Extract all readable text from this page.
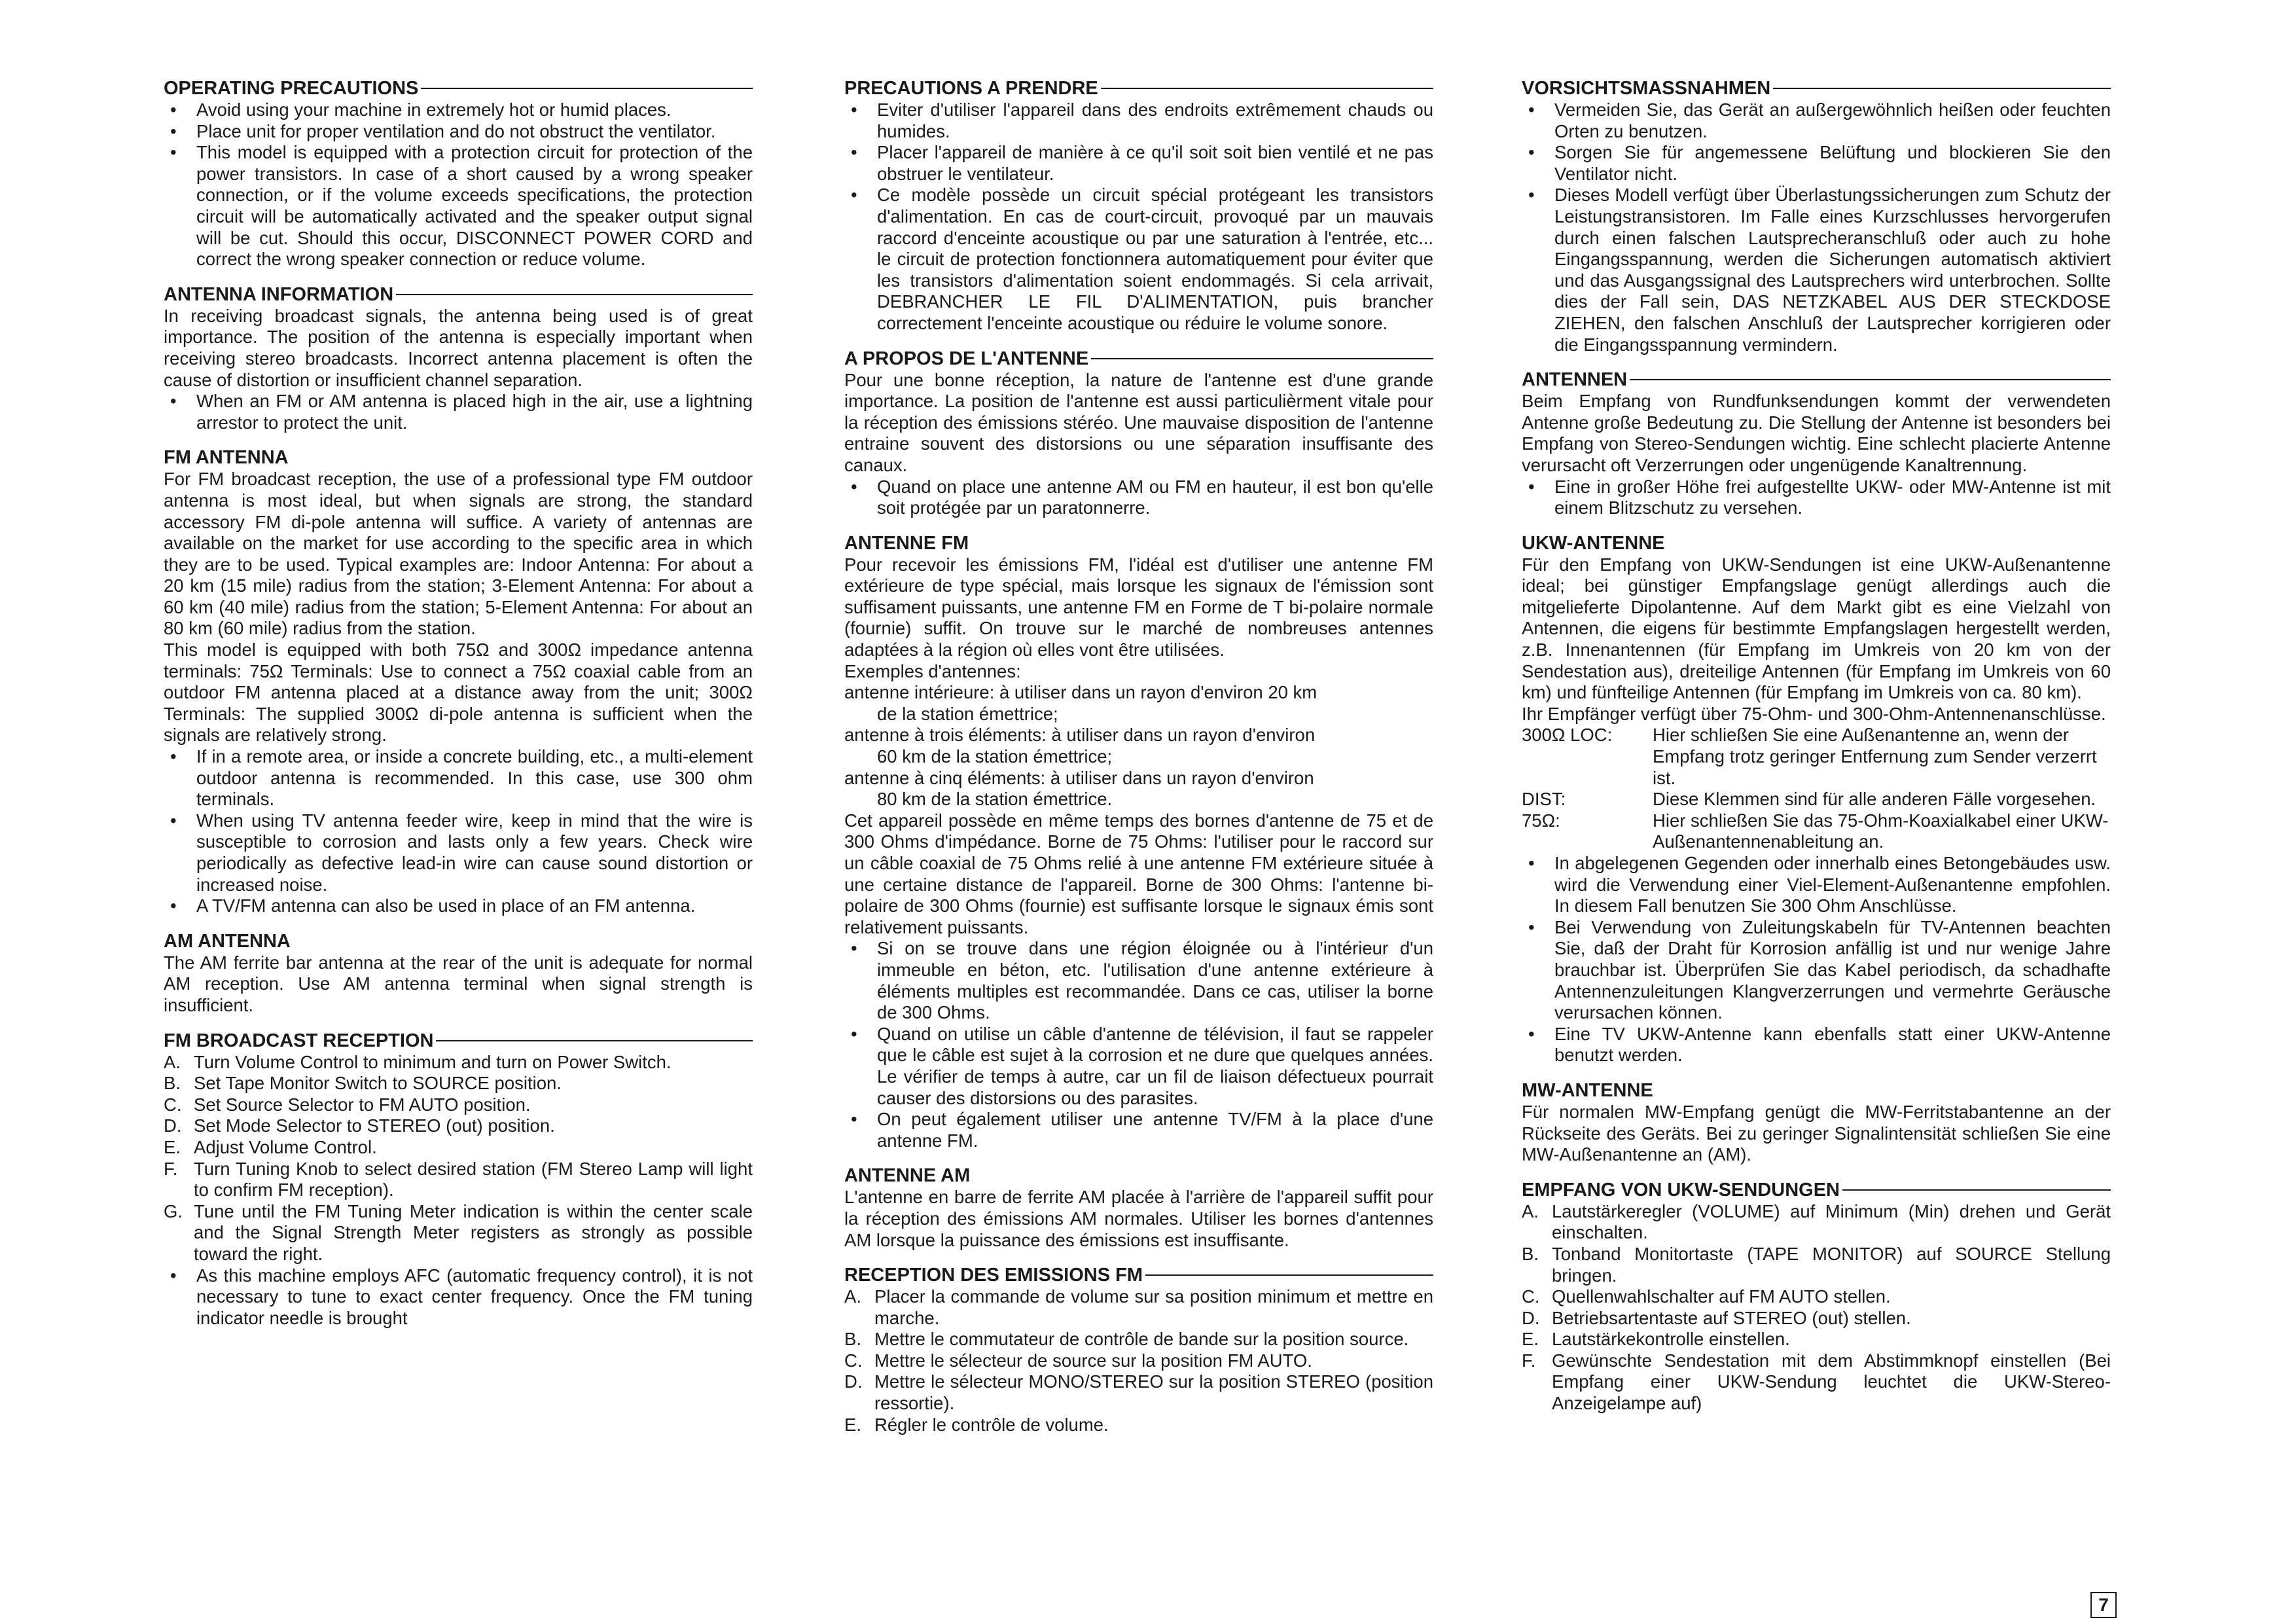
OPERATING PRECAUTIONS
• Avoid using your machine in extremely hot or humid places.
• Place unit for proper ventilation and do not obstruct the ventilator.
• This model is equipped with a protection circuit for protection of the power transistors. In case of a short caused by a wrong speaker connection, or if the volume exceeds specifications, the protection circuit will be automatically activated and the speaker output signal will be cut. Should this occur, DISCONNECT POWER CORD and correct the wrong speaker connection or reduce volume.
ANTENNA INFORMATION

In receiving broadcast signals, the antenna being used is of great importance. The position of the antenna is especially important when receiving stereo broadcasts. Incorrect antenna placement is often the cause of distortion or insufficient channel separation.

• When an FM or AM antenna is placed high in the air, use a lightning arrestor to protect the unit.
FM ANTENNA

For FM broadcast reception, the use of a professional type FM outdoor antenna is most ideal, but when signals are strong, the standard accessory FM di-pole antenna will suffice. A variety of antennas are available on the market for use according to the specific area in which they are to be used. Typical examples are: Indoor Antenna: For about a 20 km (15 mile) radius from the station; 3-Element Antenna: For about a 60 km (40 mile) radius from the station; 5-Element Antenna: For about an 80 km (60 mile) radius from the station.

This model is equipped with both 75Ω and 300Ω impedance antenna terminals: 75Ω Terminals: Use to connect a 75Ω coaxial cable from an outdoor FM antenna placed at a distance away from the unit; 300Ω Terminals: The supplied 300Ω di-pole antenna is sufficient when the signals are relatively strong.

• If in a remote area, or inside a concrete building, etc., a multi-element outdoor antenna is recommended. In this case, use 300 ohm terminals.
• When using TV antenna feeder wire, keep in mind that the wire is susceptible to corrosion and lasts only a few years. Check wire periodically as defective lead-in wire can cause sound distortion or increased noise.
• A TV/FM antenna can also be used in place of an FM antenna.
AM ANTENNA

The AM ferrite bar antenna at the rear of the unit is adequate for normal AM reception. Use AM antenna terminal when signal strength is insufficient.

FM BROADCAST RECEPTION
A. Turn Volume Control to minimum and turn on Power Switch.
B. Set Tape Monitor Switch to SOURCE position.
C. Set Source Selector to FM AUTO position.
D. Set Mode Selector to STEREO (out) position.
E. Adjust Volume Control.
F. Turn Tuning Knob to select desired station (FM Stereo Lamp will light to confirm FM reception).
G. Tune until the FM Tuning Meter indication is within the center scale and the Signal Strength Meter registers as strongly as possible toward the right.
• As this machine employs AFC (automatic frequency control), it is not necessary to tune to exact center frequency. Once the FM tuning indicator needle is brought
PRECAUTIONS A PRENDRE
• Eviter d'utiliser l'appareil dans des endroits extrêmement chauds ou humides.
• Placer l'appareil de manière à ce qu'il soit soit bien ventilé et ne pas obstruer le ventilateur.
• Ce modèle possède un circuit spécial protégeant les transistors d'alimentation. En cas de court-circuit, provoqué par un mauvais raccord d'enceinte acoustique ou par une saturation à l'entrée, etc... le circuit de protection fonctionnera automatiquement pour éviter que les transistors d'alimentation soient endommagés. Si cela arrivait, DEBRANCHER LE FIL D'ALIMENTATION, puis brancher correctement l'enceinte acoustique ou réduire le volume sonore.
A PROPOS DE L'ANTENNE

Pour une bonne réception, la nature de l'antenne est d'une grande importance. La position de l'antenne est aussi particulièrment vitale pour la réception des émissions stéréo. Une mauvaise disposition de l'antenne entraine souvent des distorsions ou une séparation insuffisante des canaux.

• Quand on place une antenne AM ou FM en hauteur, il est bon qu'elle soit protégée par un paratonnerre.
ANTENNE FM

Pour recevoir les émissions FM, l'idéal est d'utiliser une antenne FM extérieure de type spécial, mais lorsque les signaux de l'émission sont suffisament puissants, une antenne FM en Forme de T bi-polaire normale (fournie) suffit. On trouve sur le marché de nombreuses antennes adaptées à la région où elles vont être utilisées.

Exemples d'antennes:

antenne intérieure: à utiliser dans un rayon d'environ 20 km

de la station émettrice;

antenne à trois éléments: à utiliser dans un rayon d'environ

60 km de la station émettrice;

antenne à cinq éléments: à utiliser dans un rayon d'environ

80 km de la station émettrice.

Cet appareil possède en même temps des bornes d'antenne de 75 et de 300 Ohms d'impédance. Borne de 75 Ohms: l'utiliser pour le raccord sur un câble coaxial de 75 Ohms relié à une antenne FM extérieure située à une certaine distance de l'appareil. Borne de 300 Ohms: l'antenne bi-polaire de 300 Ohms (fournie) est suffisante lorsque le signaux émis sont relativement puissants.

• Si on se trouve dans une région éloignée ou à l'intérieur d'un immeuble en béton, etc. l'utilisation d'une antenne extérieure à éléments multiples est recommandée. Dans ce cas, utiliser la borne de 300 Ohms.
• Quand on utilise un câble d'antenne de télévision, il faut se rappeler que le câble est sujet à la corrosion et ne dure que quelques années. Le vérifier de temps à autre, car un fil de liaison défectueux pourrait causer des distorsions ou des parasites.
• On peut également utiliser une antenne TV/FM à la place d'une antenne FM.
ANTENNE AM

L'antenne en barre de ferrite AM placée à l'arrière de l'appareil suffit pour la réception des émissions AM normales. Utiliser les bornes d'antennes AM lorsque la puissance des émissions est insuffisante.

RECEPTION DES EMISSIONS FM
A. Placer la commande de volume sur sa position minimum et mettre en marche.
B. Mettre le commutateur de contrôle de bande sur la position source.
C. Mettre le sélecteur de source sur la position FM AUTO.
D. Mettre le sélecteur MONO/STEREO sur la position STEREO (position ressortie).
E. Régler le contrôle de volume.
VORSICHTSMASSNAHMEN
• Vermeiden Sie, das Gerät an außergewöhnlich heißen oder feuchten Orten zu benutzen.
• Sorgen Sie für angemessene Belüftung und blockieren Sie den Ventilator nicht.
• Dieses Modell verfügt über Überlastungssicherungen zum Schutz der Leistungstransistoren. Im Falle eines Kurzschlusses hervorgerufen durch einen falschen Lautsprecheranschluß oder auch zu hohe Eingangsspannung, werden die Sicherungen automatisch aktiviert und das Ausgangssignal des Lautsprechers wird unterbrochen. Sollte dies der Fall sein, DAS NETZKABEL AUS DER STECKDOSE ZIEHEN, den falschen Anschluß der Lautsprecher korrigieren oder die Eingangsspannung vermindern.
ANTENNEN

Beim Empfang von Rundfunksendungen kommt der verwendeten Antenne große Bedeutung zu. Die Stellung der Antenne ist besonders bei Empfang von Stereo-Sendungen wichtig. Eine schlecht placierte Antenne verursacht oft Verzerrungen oder ungenügende Kanaltrennung.

• Eine in großer Höhe frei aufgestellte UKW- oder MW-Antenne ist mit einem Blitzschutz zu versehen.
UKW-ANTENNE

Für den Empfang von UKW-Sendungen ist eine UKW-Außenantenne ideal; bei günstiger Empfangslage genügt allerdings auch die mitgelieferte Dipolantenne. Auf dem Markt gibt es eine Vielzahl von Antennen, die eigens für bestimmte Empfangslagen hergestellt werden, z.B. Innenantennen (für Empfang im Umkreis von 20 km von der Sendestation aus), dreiteilige Antennen (für Empfang im Umkreis von 60 km) und fünfteilige Antennen (für Empfang im Umkreis von ca. 80 km).

Ihr Empfänger verfügt über 75-Ohm- und 300-Ohm-Antennenanschlüsse.

300Ω LOC:	Hier schließen Sie eine Außenantenne an, wenn der Empfang trotz geringer Entfernung zum Sender verzerrt ist.
DIST:	Diese Klemmen sind für alle anderen Fälle vorgesehen.
75Ω:	Hier schließen Sie das 75-Ohm-Koaxialkabel einer UKW-Außenantennenableitung an.
• In abgelegenen Gegenden oder innerhalb eines Betongebäudes usw. wird die Verwendung einer Viel-Element-Außenantenne empfohlen. In diesem Fall benutzen Sie 300 Ohm Anschlüsse.
• Bei Verwendung von Zuleitungskabeln für TV-Antennen beachten Sie, daß der Draht für Korrosion anfällig ist und nur wenige Jahre brauchbar ist. Überprüfen Sie das Kabel periodisch, da schadhafte Antennenzuleitungen Klangverzerrungen und vermehrte Geräusche verursachen können.
• Eine TV UKW-Antenne kann ebenfalls statt einer UKW-Antenne benutzt werden.
MW-ANTENNE

Für normalen MW-Empfang genügt die MW-Ferritstabantenne an der Rückseite des Geräts. Bei zu geringer Signalintensität schließen Sie eine MW-Außenantenne an (AM).

EMPFANG VON UKW-SENDUNGEN
A. Lautstärkeregler (VOLUME) auf Minimum (Min) drehen und Gerät einschalten.
B. Tonband Monitortaste (TAPE MONITOR) auf SOURCE Stellung bringen.
C. Quellenwahlschalter auf FM AUTO stellen.
D. Betriebsartentaste auf STEREO (out) stellen.
E. Lautstärkekontrolle einstellen.
F. Gewünschte Sendestation mit dem Abstimmknopf einstellen (Bei Empfang einer UKW-Sendung leuchtet die UKW-Stereo-Anzeigelampe auf)
7
